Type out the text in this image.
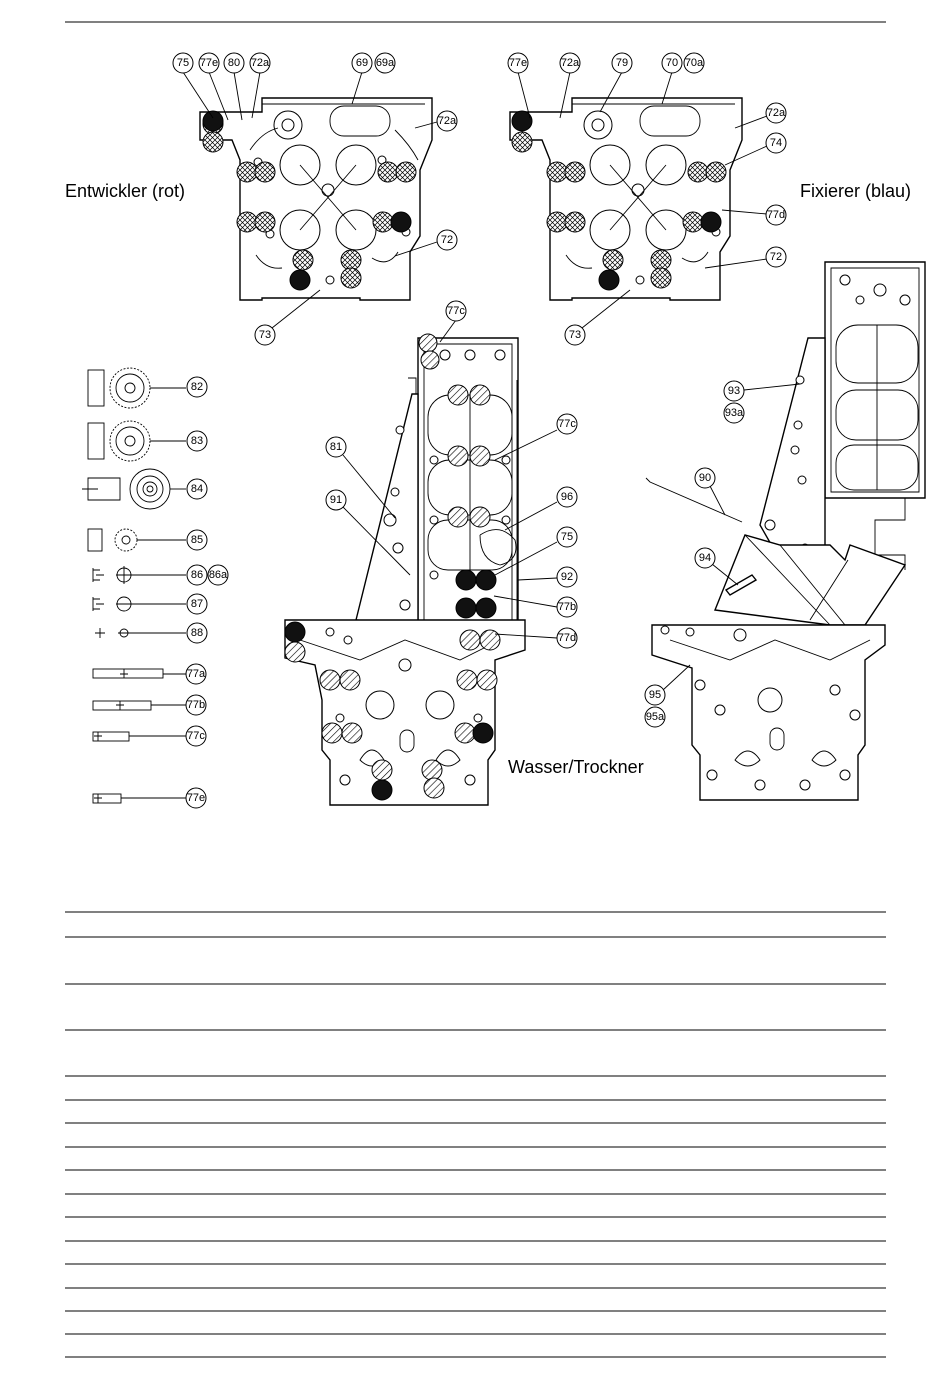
Entwickler (rot)
75 77e 80 72a	69 69a
72a
72
73
Fixierer (blau)
77e	72a	79	70 70a
72a
74
77d
72
73
82
83
84
85
86 86a
87
88
77a
77b
77c
77e
Wasser/Trockner
77c
77c
81
91	96
75
92
77b
77d
93
93a
90
94
95
95a
